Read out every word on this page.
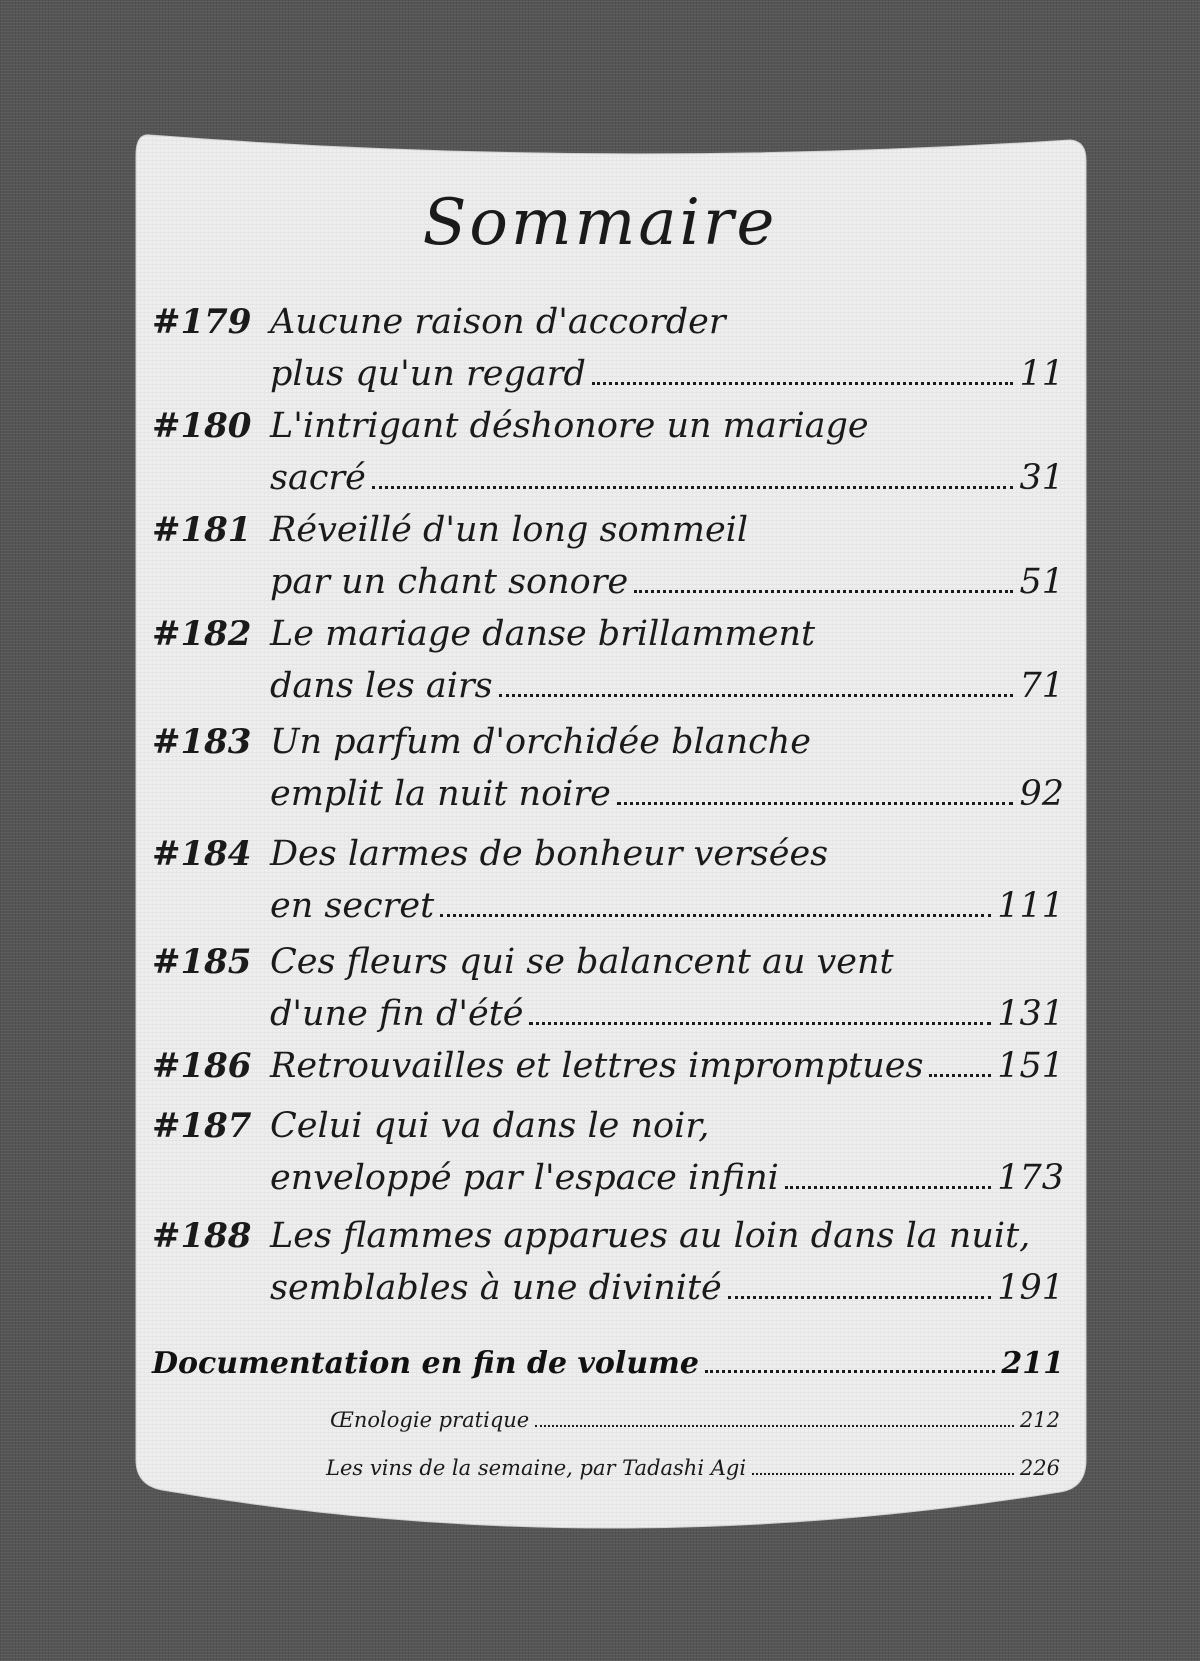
Sommaire
#179 Aucune raison d'accorder
plus qu'un regard	11
#180 L'intrigant déshonore un mariage
sacré	31
#181 Réveillé d'un long sommeil
par un chant sonore	51
#182 Le mariage danse brillamment
dans les airs	71
#183 Un parfum d'orchidée blanche
emplit la nuit noire	92
#184 Des larmes de bonheur versées
en secret	111
#185 Ces fleurs qui se balancent au vent
d'une fin d'été	131
#186 Retrouvailles et lettres impromptues 151
#187 Celui qui va dans le noir,
enveloppé par l'espace infini	173
#188 Les flammes apparues au loin dans la nuit,
semblables à une divinité	191
Documentation en fin de volume	211
Œnologie pratique	212
Les vins de la semaine, par Tadashi Agi	226
